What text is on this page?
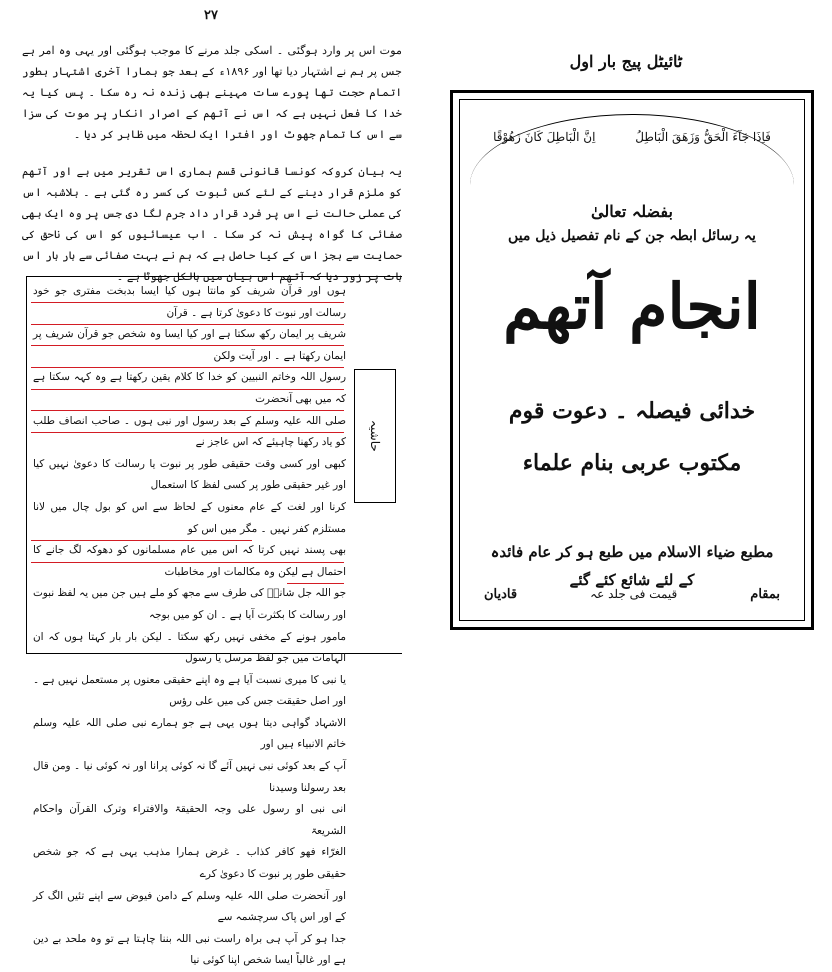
۲۷

موت اس پر وارد ہوگئی ۔ اسکی جلد مرنے کا موجب ہوگئی اور یہی وہ امر ہے جس پر ہم نے اشتہار دیا تھا اور ۱۸۹۶ء کے بعد جو ہمارا آخری اشتہار بطور اتمام حجت تھا پورے سات مہینے بھی زندہ نہ رہ سکا ۔ پس کیا یہ خدا کا فعل نہیں ہے کہ اس نے آتھم کے اصرار انکار پر موت کی سزا سے اس کا تمام جھوٹ اور افترا ایک لحظہ میں ظاہر کر دیا ۔

یہ بیان کروکہ کونسا قانونی قسم ہماری اس تقریر میں ہے اور آتھم کو ملزم قرار دینے کے لئے کس ثبوت کی کسر رہ گئی ہے ۔ بلاشبہ اس کی عملی حالت نے اس پر فرد قرار داد جرم لگا دی جس پر وہ ایک بھی صفائی کا گواہ پیش نہ کر سکا ۔ اب عیسائیوں کو اس کی ناحق کی حمایت سے بجز اس کے کیا حاصل ہے کہ ہم نے بہت صفائی سے بار بار اس بات پر زور دیا کہ آتھم اس بیان میں بالکل جھوٹا ہے ۔

ہوں اور قرآن شریف کو مانتا ہوں کیا ایسا بدبخت مفتری جو خود رسالت اور نبوت کا دعویٰ کرتا ہے ۔ قرآن
شریف پر ایمان رکھ سکتا ہے اور کیا ایسا وہ شخص جو قرآن شریف پر ایمان رکھتا ہے ۔ اور آیت ولکن
رسول اللہ وخاتم النبیین کو خدا کا کلام یقین رکھتا ہے وہ کہہ سکتا ہے کہ میں بھی آنحضرت
صلی اللہ علیہ وسلم کے بعد رسول اور نبی ہوں ۔ صاحب انصاف طلب کو یاد رکھنا چاہیئے کہ اس عاجز نے
کبھی اور کسی وقت حقیقی طور پر نبوت یا رسالت کا دعویٰ نہیں کیا اور غیر حقیقی طور پر کسی لفظ کا استعمال
کرنا اور لغت کے عام معنوں کے لحاظ سے اس کو بول چال میں لانا مستلزم کفر نہیں ۔ مگر میں اس کو
بھی پسند نہیں کرتا کہ اس میں عام مسلمانوں کو دھوکہ لگ جانے کا احتمال ہے لیکن وہ مکالمات اور مخاطبات
جو اللہ جل شانہٗ کی طرف سے مجھ کو ملے ہیں جن میں یہ لفظ نبوت اور رسالت کا بکثرت آیا ہے ۔ ان کو میں بوجہ
مامور ہونے کے مخفی نہیں رکھ سکتا ۔ لیکن بار بار کہتا ہوں کہ ان الہامات میں جو لفظ مرسل یا رسول
یا نبی کا میری نسبت آیا ہے وہ اپنے حقیقی معنوں پر مستعمل نہیں ہے ۔ اور اصل حقیقت جس کی میں علی رؤس
الاشہاد گواہی دیتا ہوں یہی ہے جو ہمارے نبی صلی اللہ علیہ وسلم خاتم الانبیاء ہیں اور
آپ کے بعد کوئی نبی نہیں آئے گا نہ کوئی پرانا اور نہ کوئی نیا ۔ ومن قال بعد رسولنا وسیدنا
انی نبی او رسول علی وجہ الحقیقۃ والافتراء وترک القرآن واحکام الشریعۃ
الغرّاء فھو کافر کذاب ۔ غرض ہمارا مذہب یہی ہے کہ جو شخص حقیقی طور پر نبوت کا دعویٰ کرے
اور آنحضرت صلی اللہ علیہ وسلم کے دامن فیوض سے اپنے تئیں الگ کر کے اور اس پاک سرچشمہ سے
جدا ہو کر آپ ہی براہ راست نبی اللہ بننا چاہتا ہے تو وہ ملحد بے دین ہے اور غالباً ایسا شخص اپنا کوئی نیا
حاشیہ
ٹائیٹل پیج بار اول
فَاِذَا جَآءَ الْحَقُّ وَزَهَقَ الْبَاطِلُ اِنَّ الْبَاطِلَ كَانَ زَهُوْقًا
بفضلہ تعالیٰ
یہ رسائل ابطہ جن کے نام تفصیل ذیل میں
انجام آتھم
خدائی فیصلہ ۔ دعوت قوم
مکتوب عربی بنام علماء
مطبع ضیاء الاسلام میں طبع ہو کر عام فائدہ
کے لئے شائع کئے گئے
بمقام
قیمت فی جلد عہ
قادیان
